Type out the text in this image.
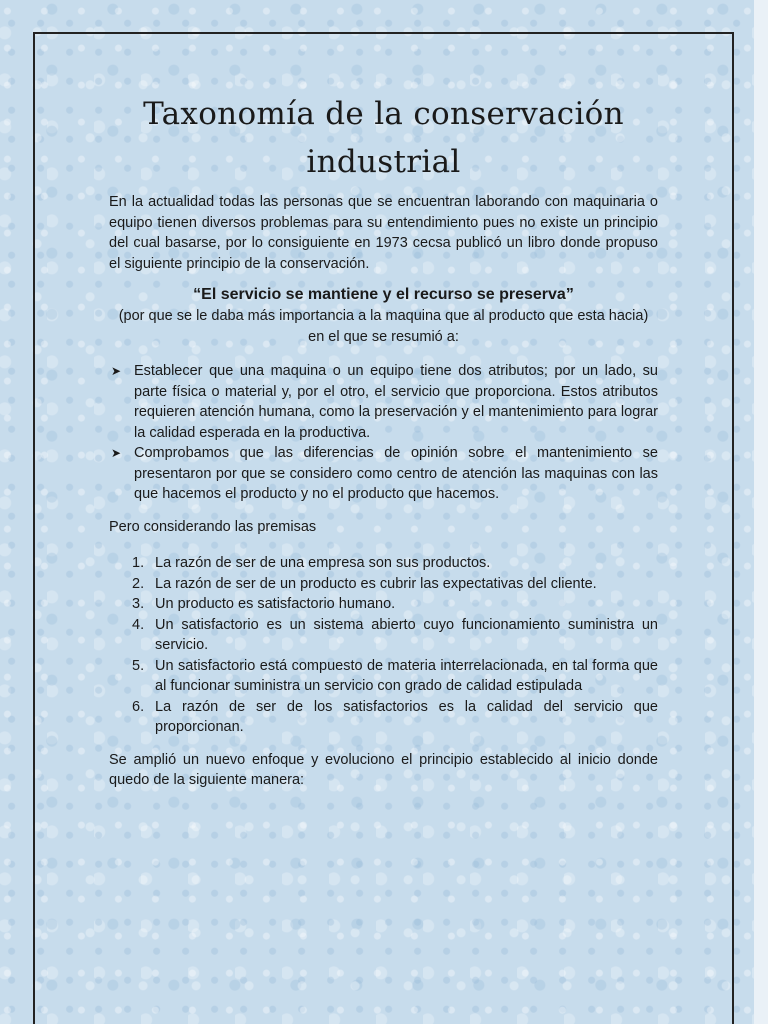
Taxonomía de la conservación industrial

En la actualidad todas las personas que se encuentran laborando con maquinaria o equipo tienen diversos problemas para su entendimiento pues no existe un principio del cual basarse, por lo consiguiente en 1973 cecsa publicó un libro donde propuso el siguiente principio de la conservación.

“El servicio se mantiene y el recurso se preserva”

(por que se le daba más importancia a la maquina que al producto que esta hacia) en el que se resumió a:

➤ Establecer que una maquina o un equipo tiene dos atributos; por un lado, su parte física o material y, por el otro, el servicio que proporciona. Estos atributos requieren atención humana, como la preservación y el mantenimiento para lograr la calidad esperada en la productiva.
➤ Comprobamos que las diferencias de opinión sobre el mantenimiento se presentaron por que se considero como centro de atención las maquinas con las que hacemos el producto y no el producto que hacemos.

Pero considerando las premisas

1. La razón de ser de una empresa son sus productos.
2. La razón de ser de un producto es cubrir las expectativas del cliente.
3. Un producto es satisfactorio humano.
4. Un satisfactorio es un sistema abierto cuyo funcionamiento suministra un servicio.
5. Un satisfactorio está compuesto de materia interrelacionada, en tal forma que al funcionar suministra un servicio con grado de calidad estipulada
6. La razón de ser de los satisfactorios es la calidad del servicio que proporcionan.

Se amplió un nuevo enfoque y evoluciono el principio establecido al inicio donde quedo de la siguiente manera:
